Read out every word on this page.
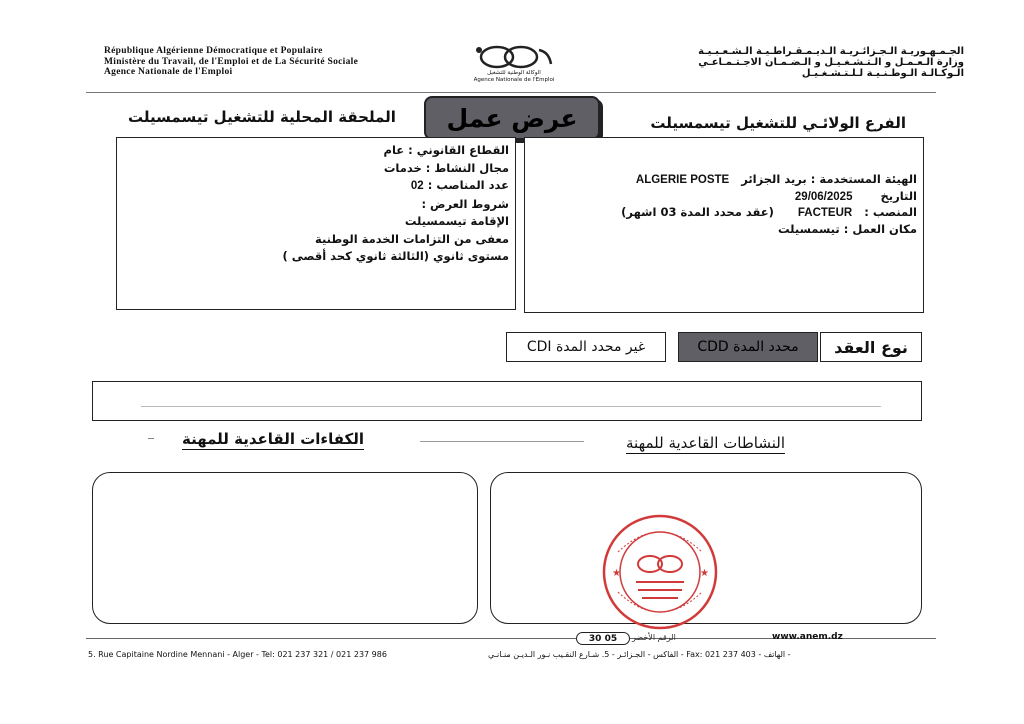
République Algérienne Démocratique et Populaire
Ministère du Travail, de l'Emploi et de La Sécurité Sociale
Agence Nationale de l'Emploi	الوكالة الوطنية للتشغيل
Agence Nationale de l'Emploi
الجـمـهـوريـة الـجـزائـريـة الـديـمـقـراطـيـة الـشـعـبـيـة
وزارة الـعـمـل و الـتـشـغـيـل و الـضـمـان الاجـتـمـاعـي
الـوكـالـة الـوطـنـيـة لـلـتـشـغـيـل
الملحقة المحلية للتشغيل تيسمسيلت	عرض عمل	الفرع الولائـي للتشغيل تيسمسيلت
القطاع القانوني : عام
مجال النشاط : خدمات
عدد المناصب : 02
شروط العرض :
الإقامة تيسمسيلت
معفى من التزامات الخدمة الوطنية
مستوى ثانوي (الثالثة ثانوي كحد أقصى )
الهيئة المستخدمة : بريد الجزائر   ALGERIE POSTE
التاريخ       29/06/2025
المنصب :   FACTEUR      (عقد محدد المدة 03 اشهر)
مكان العمل : تيسمسيلت
نوع العقد
محدد المدة CDD
غير محدد المدة CDI
الكفاءات القاعدية للمهنة	النشاطات القاعدية للمهنة
★	★
30 05	الرقم الأخضر	www.anem.dz
5. Rue Capitaine Nordine Mennani - Alger - Tel: 021 237 321 / 021 237 986	- الهاتف - Fax: 021 237 403 - الفاكس - الجـزائـر - 5. شـارع النقـيب نـور الـديـن منـانـي
